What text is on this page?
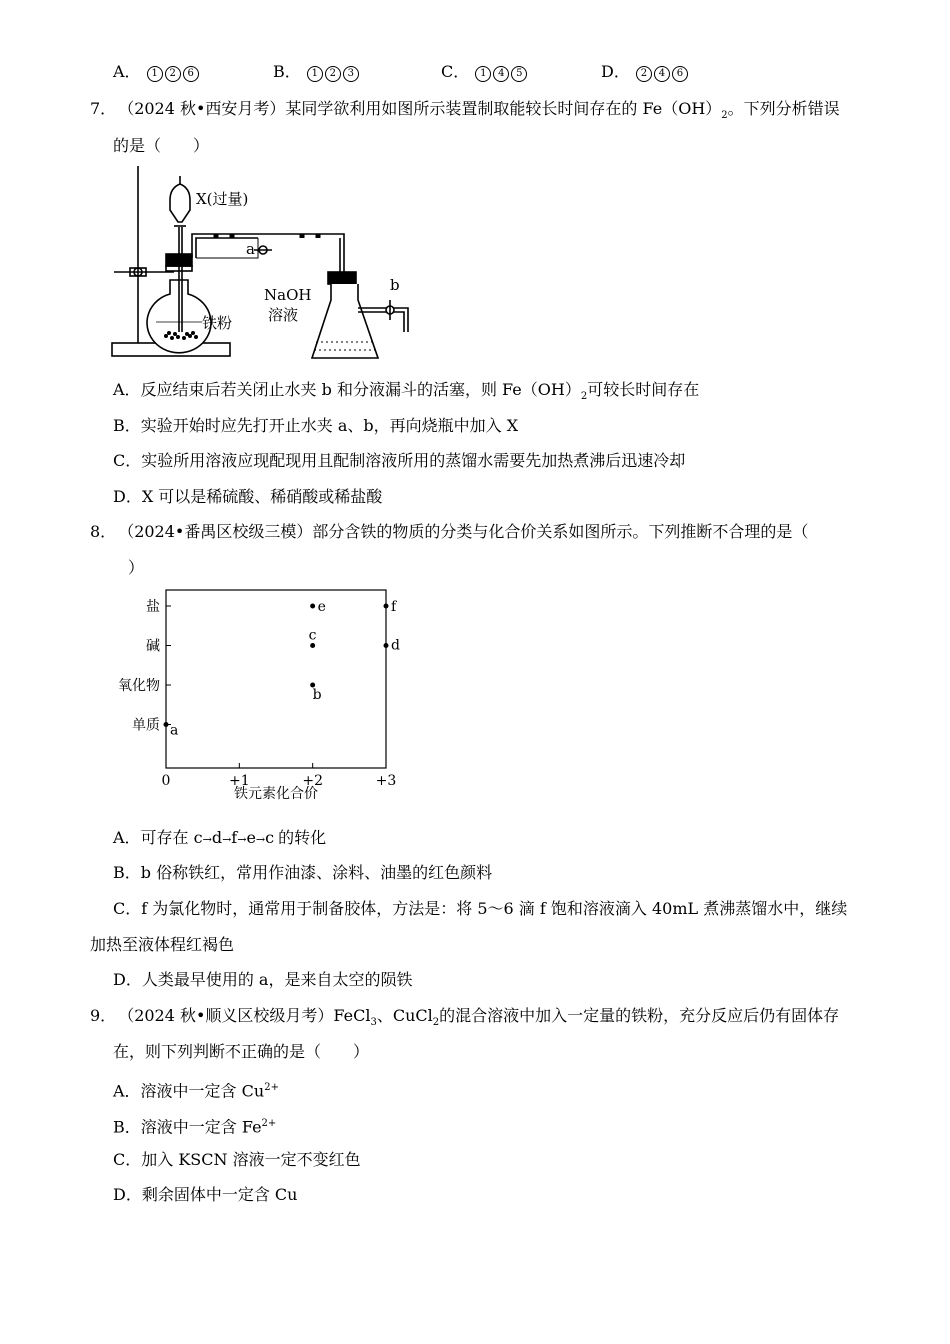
A． 1 2 6	B． 1 2 3	C． 1 4 5	D． 2 4 6
7． （2024 秋•西安月考）某同学欲利用如图所示装置制取能较长时间存在的 $Fe(OH)_2$。下列分析错误
的是（　　）
X(过量)
a
b
NaOH
溶液
铁粉
A．反应结束后若关闭止水夹 b 和分液漏斗的活塞，则 $Fe(OH)_2$可较长时间存在
B．实验开始时应先打开止水夹 a、b，再向烧瓶中加入 X
C．实验所用溶液应现配现用且配制溶液所用的蒸馏水需要先加热煮沸后迅速冷却
D．X 可以是稀硫酸、稀硝酸或稀盐酸
8． （2024•番禺区校级三模）部分含铁的物质的分类与化合价关系如图所示。下列推断不合理的是（
）
盐
碱
氧化物
单质
0	+1	+2	+3
a
b
c
d
e	f
铁元素化合价
A．可存在 c→d→f→e→c 的转化
B．b 俗称铁红，常用作油漆、涂料、油墨的红色颜料
C．f 为氯化物时，通常用于制备胶体，方法是：将 5～6 滴 f 饱和溶液滴入 40mL 煮沸蒸馏水中，继续
加热至液体程红褐色
D．人类最早使用的 a，是来自太空的陨铁
9． （2024 秋•顺义区校级月考）FeCl$_3$、CuCl$_2$的混合溶液中加入一定量的铁粉，充分反应后仍有固体存
在，则下列判断不正确的是（　　）
A．溶液中一定含 $Cu^{2+}$
B．溶液中一定含 $Fe^{2+}$
C．加入 KSCN 溶液一定不变红色
D．剩余固体中一定含 Cu
